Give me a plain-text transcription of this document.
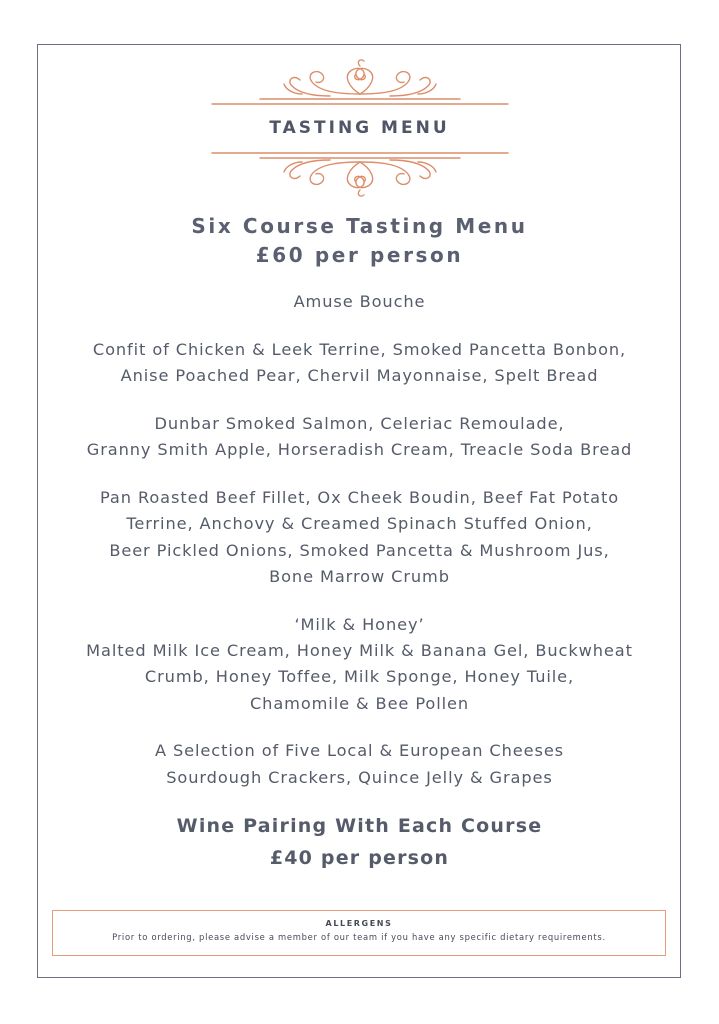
TASTING MENU
Six Course Tasting Menu
£60 per person
Amuse Bouche
Confit of Chicken & Leek Terrine, Smoked Pancetta Bonbon,
Anise Poached Pear, Chervil Mayonnaise, Spelt Bread
Dunbar Smoked Salmon, Celeriac Remoulade,
Granny Smith Apple, Horseradish Cream, Treacle Soda Bread
Pan Roasted Beef Fillet, Ox Cheek Boudin, Beef Fat Potato
Terrine, Anchovy & Creamed Spinach Stuffed Onion,
Beer Pickled Onions, Smoked Pancetta & Mushroom Jus,
Bone Marrow Crumb
‘Milk & Honey’
Malted Milk Ice Cream, Honey Milk & Banana Gel, Buckwheat
Crumb, Honey Toffee, Milk Sponge, Honey Tuile,
Chamomile & Bee Pollen
A Selection of Five Local & European Cheeses
Sourdough Crackers, Quince Jelly & Grapes
Wine Pairing With Each Course
£40 per person
ALLERGENS
Prior to ordering, please advise a member of our team if you have any specific dietary requirements.
